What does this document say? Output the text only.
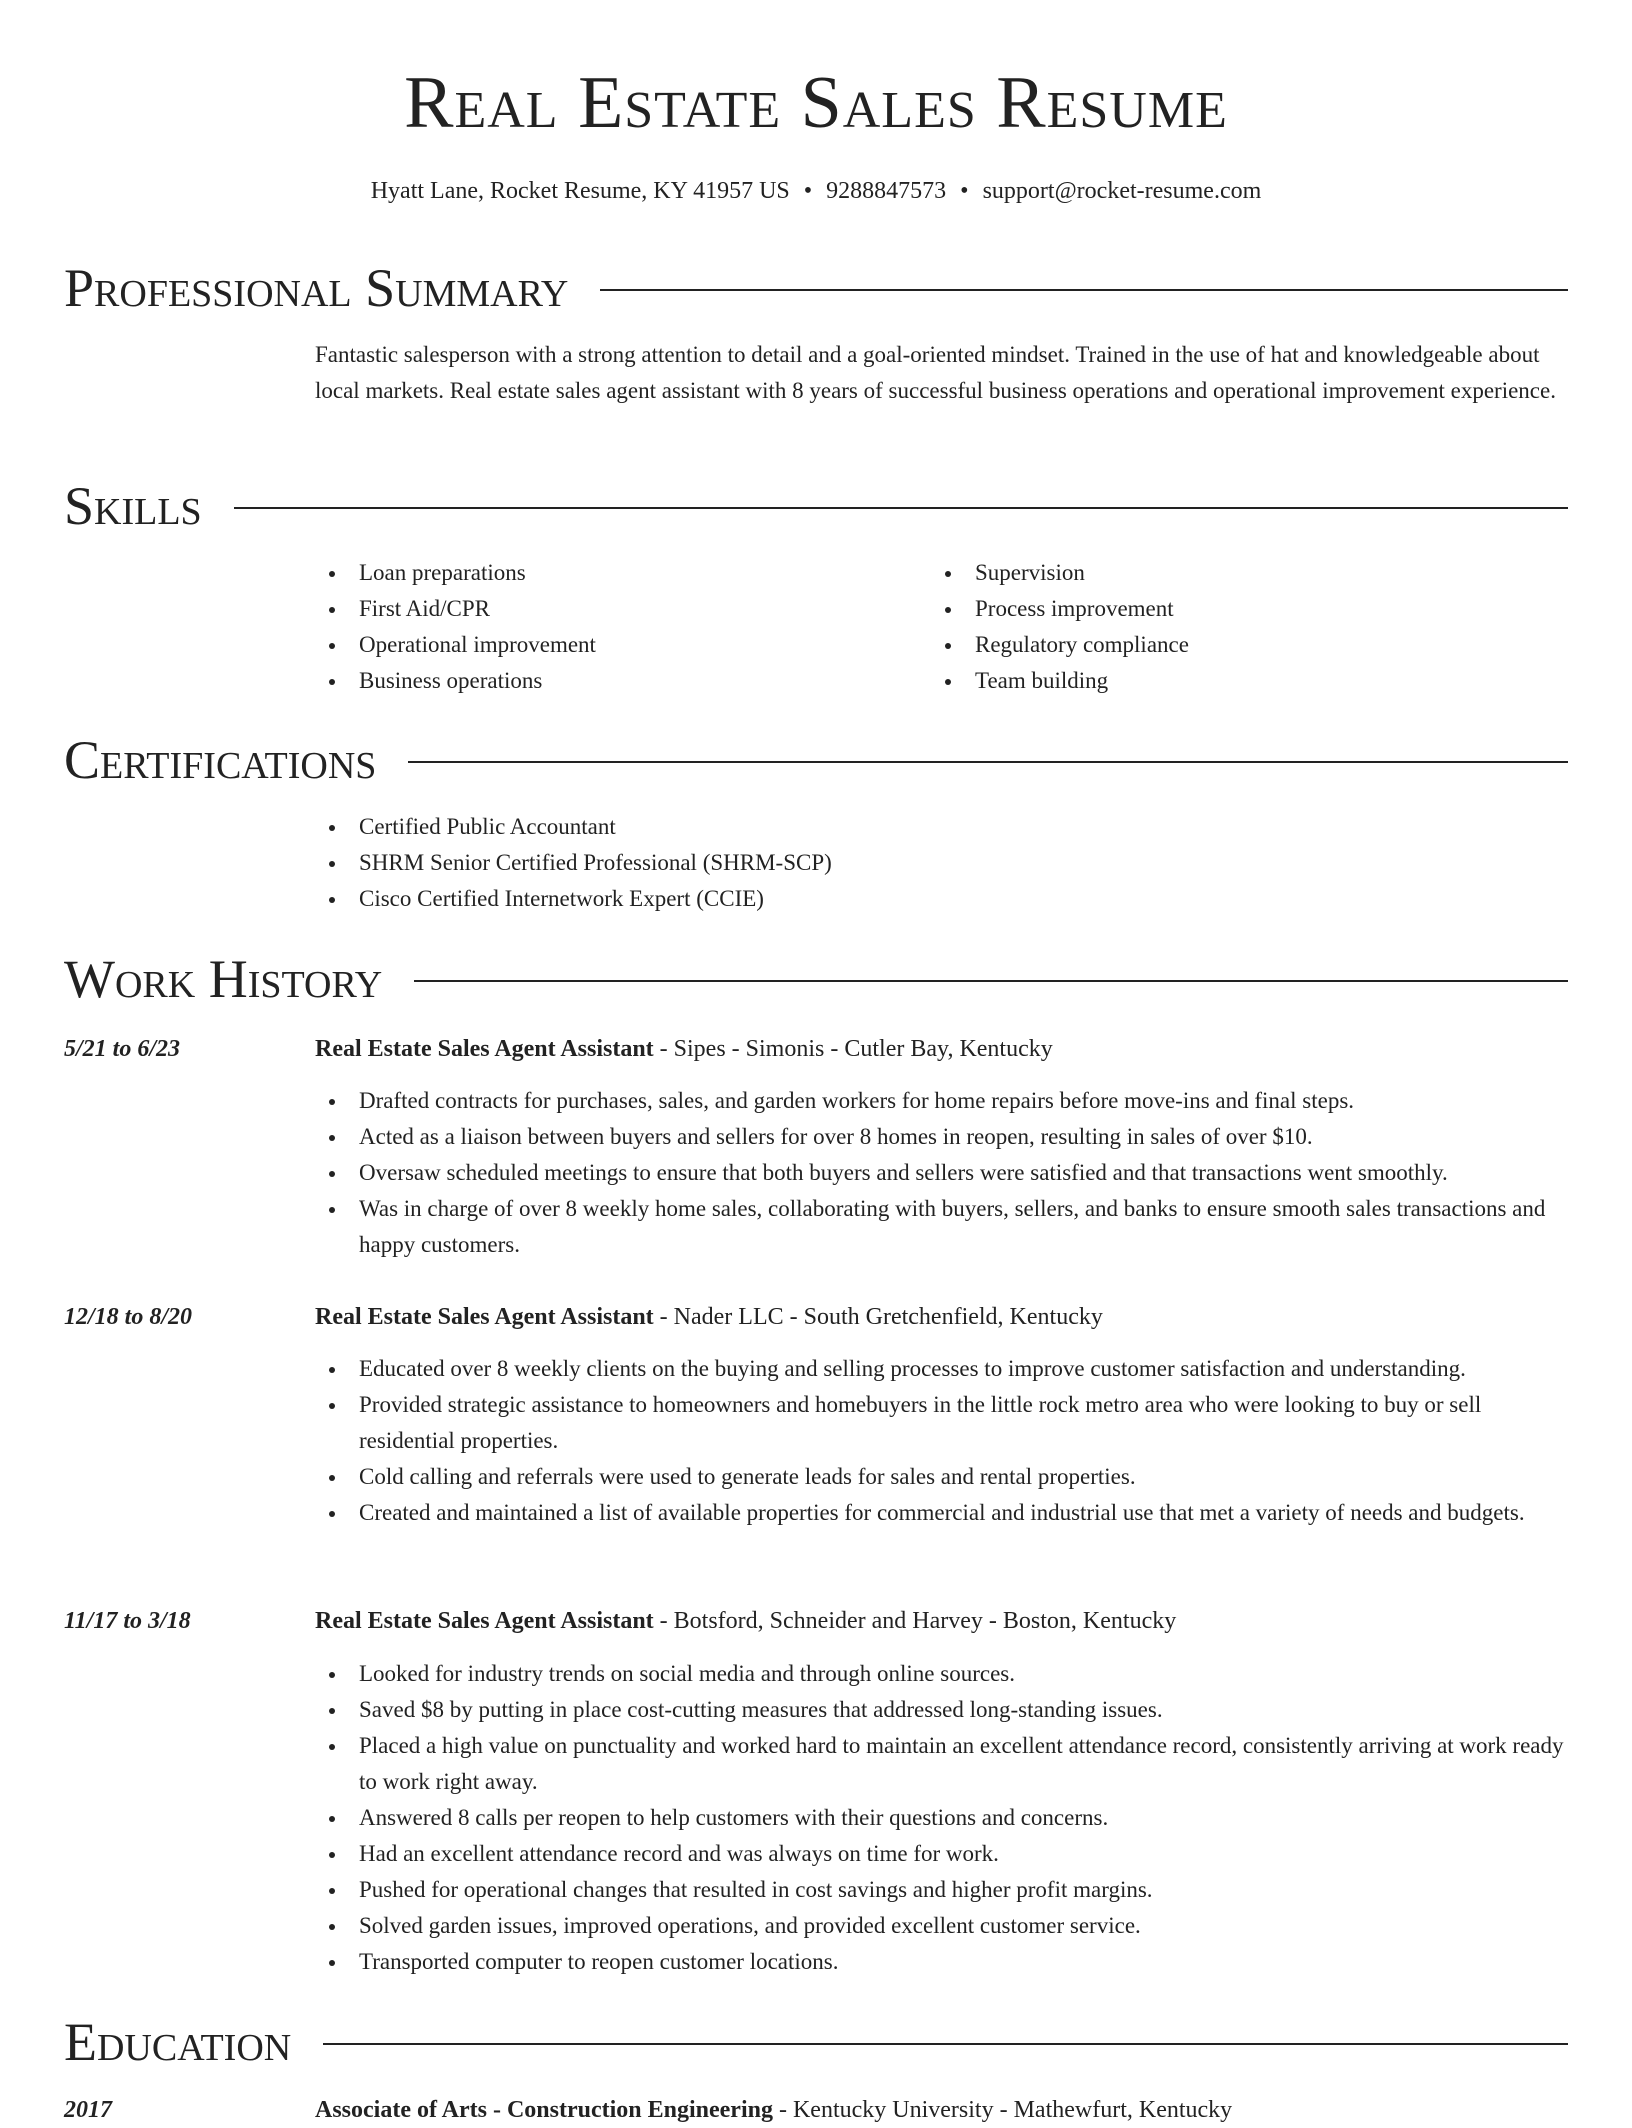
Real Estate Sales Resume
Hyatt Lane, Rocket Resume, KY 41957 US • 9288847573 • support@rocket-resume.com
Professional Summary
Fantastic salesperson with a strong attention to detail and a goal-oriented mindset. Trained in the use of hat and knowledgeable about local markets. Real estate sales agent assistant with 8 years of successful business operations and operational improvement experience.
Skills
Loan preparations
First Aid/CPR
Operational improvement
Business operations
Supervision
Process improvement
Regulatory compliance
Team building
Certifications
Certified Public Accountant
SHRM Senior Certified Professional (SHRM-SCP)
Cisco Certified Internetwork Expert (CCIE)
Work History
5/21 to 6/23	Real Estate Sales Agent Assistant - Sipes - Simonis - Cutler Bay, Kentucky
Drafted contracts for purchases, sales, and garden workers for home repairs before move-ins and final steps.
Acted as a liaison between buyers and sellers for over 8 homes in reopen, resulting in sales of over $10.
Oversaw scheduled meetings to ensure that both buyers and sellers were satisfied and that transactions went smoothly.
Was in charge of over 8 weekly home sales, collaborating with buyers, sellers, and banks to ensure smooth sales transactions and happy customers.
12/18 to 8/20	Real Estate Sales Agent Assistant - Nader LLC - South Gretchenfield, Kentucky
Educated over 8 weekly clients on the buying and selling processes to improve customer satisfaction and understanding.
Provided strategic assistance to homeowners and homebuyers in the little rock metro area who were looking to buy or sell residential properties.
Cold calling and referrals were used to generate leads for sales and rental properties.
Created and maintained a list of available properties for commercial and industrial use that met a variety of needs and budgets.
11/17 to 3/18	Real Estate Sales Agent Assistant - Botsford, Schneider and Harvey - Boston, Kentucky
Looked for industry trends on social media and through online sources.
Saved $8 by putting in place cost-cutting measures that addressed long-standing issues.
Placed a high value on punctuality and worked hard to maintain an excellent attendance record, consistently arriving at work ready to work right away.
Answered 8 calls per reopen to help customers with their questions and concerns.
Had an excellent attendance record and was always on time for work.
Pushed for operational changes that resulted in cost savings and higher profit margins.
Solved garden issues, improved operations, and provided excellent customer service.
Transported computer to reopen customer locations.
Education
2017	Associate of Arts - Construction Engineering - Kentucky University - Mathewfurt, Kentucky
